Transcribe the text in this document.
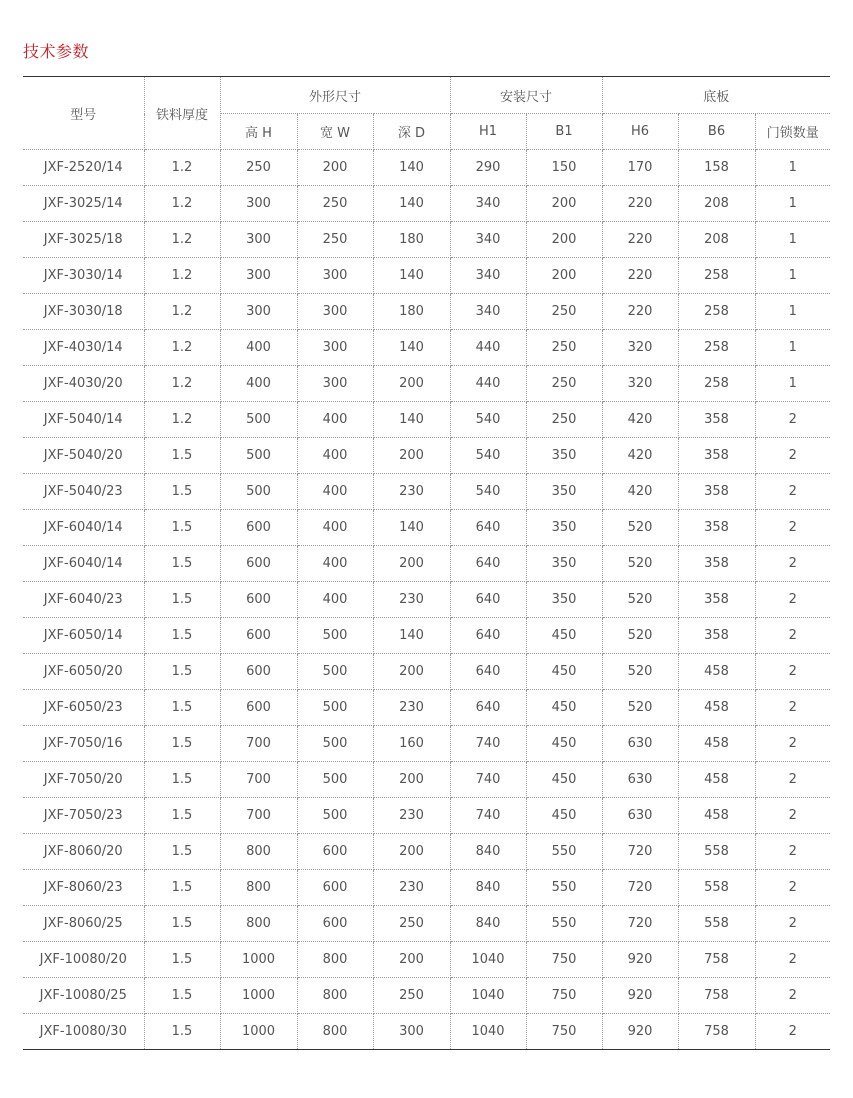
技术参数
型号	铁料厚度	外形尺寸			安装尺寸		底板		
		高 H	宽 W	深 D	H1	B1	H6	B6	门锁数量
JXF-2520/14	1.2	250	200	140	290	150	170	158	1
JXF-3025/14	1.2	300	250	140	340	200	220	208	1
JXF-3025/18	1.2	300	250	180	340	200	220	208	1
JXF-3030/14	1.2	300	300	140	340	200	220	258	1
JXF-3030/18	1.2	300	300	180	340	250	220	258	1
JXF-4030/14	1.2	400	300	140	440	250	320	258	1
JXF-4030/20	1.2	400	300	200	440	250	320	258	1
JXF-5040/14	1.2	500	400	140	540	250	420	358	2
JXF-5040/20	1.5	500	400	200	540	350	420	358	2
JXF-5040/23	1.5	500	400	230	540	350	420	358	2
JXF-6040/14	1.5	600	400	140	640	350	520	358	2
JXF-6040/14	1.5	600	400	200	640	350	520	358	2
JXF-6040/23	1.5	600	400	230	640	350	520	358	2
JXF-6050/14	1.5	600	500	140	640	450	520	358	2
JXF-6050/20	1.5	600	500	200	640	450	520	458	2
JXF-6050/23	1.5	600	500	230	640	450	520	458	2
JXF-7050/16	1.5	700	500	160	740	450	630	458	2
JXF-7050/20	1.5	700	500	200	740	450	630	458	2
JXF-7050/23	1.5	700	500	230	740	450	630	458	2
JXF-8060/20	1.5	800	600	200	840	550	720	558	2
JXF-8060/23	1.5	800	600	230	840	550	720	558	2
JXF-8060/25	1.5	800	600	250	840	550	720	558	2
JXF-10080/20	1.5	1000	800	200	1040	750	920	758	2
JXF-10080/25	1.5	1000	800	250	1040	750	920	758	2
JXF-10080/30	1.5	1000	800	300	1040	750	920	758	2
